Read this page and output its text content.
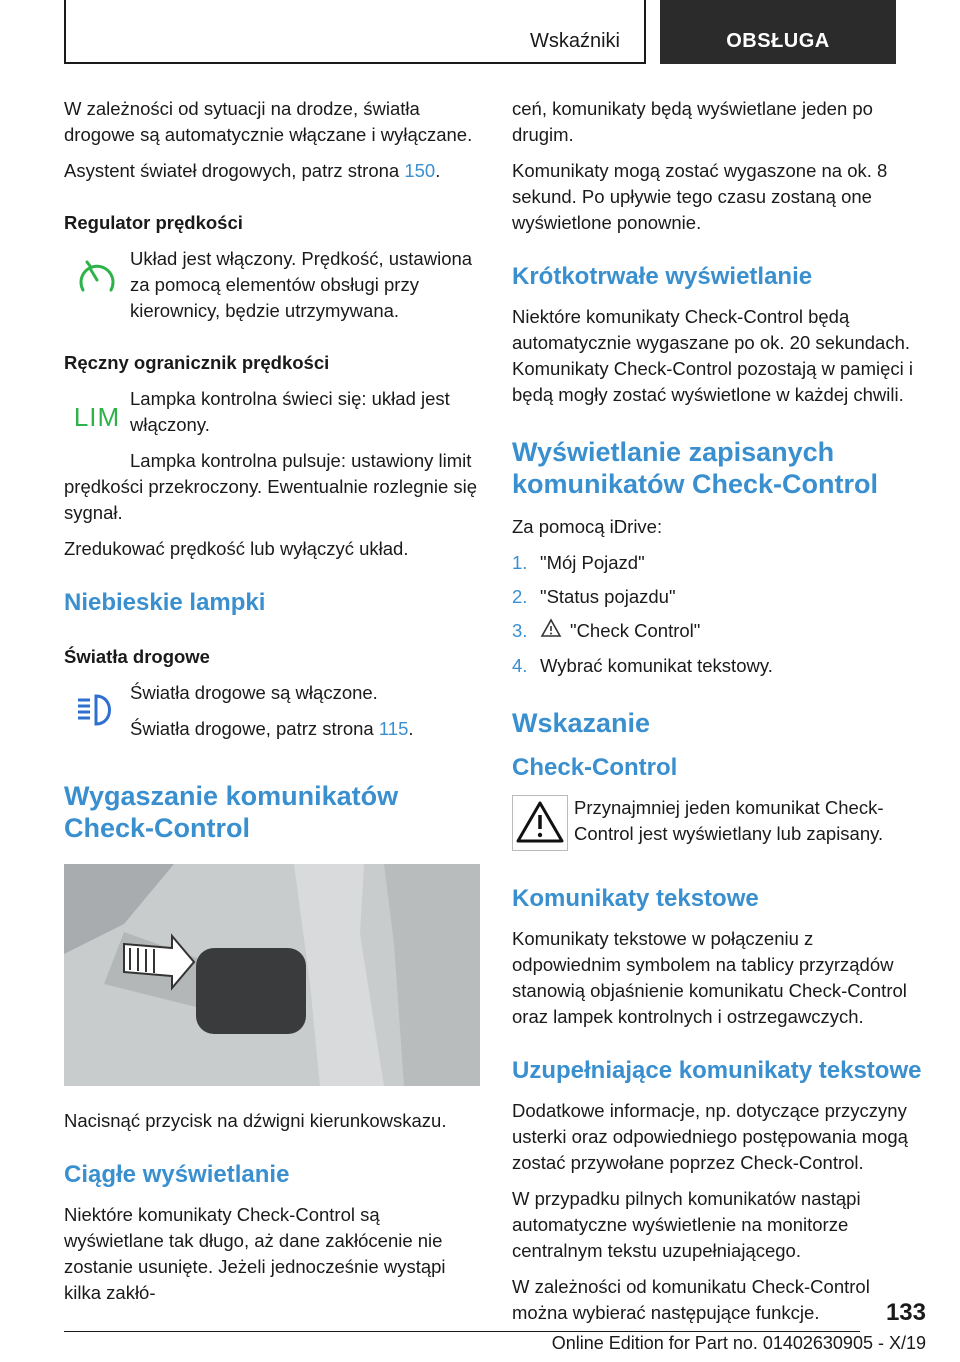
Wskaźniki	OBSŁUGA

W zależności od sytuacji na drodze, światła drogowe są automatycznie włączane i wyłączane.

Asystent świateł drogowych, patrz strona 150.

Regulator prędkości
Układ jest włączony. Prędkość, ustawiona za pomocą elementów obsługi przy kierownicy, będzie utrzymywana.
Ręczny ogranicznik prędkości
LIM

Lampka kontrolna świeci się: układ jest włączony.

Lampka kontrolna pulsuje: ustawiony limit prędkości przekroczony. Ewentualnie rozlegnie się sygnał.

Zredukować prędkość lub wyłączyć układ.

Niebieskie lampki
Światła drogowe

Światła drogowe są włączone.

Światła drogowe, patrz strona 115.

Wygaszanie komunikatów Check-Control

Nacisnąć przycisk na dźwigni kierunkowskazu.

Ciągłe wyświetlanie

Niektóre komunikaty Check-Control są wyświetlane tak długo, aż dane zakłócenie nie zostanie usunięte. Jeżeli jednocześnie wystąpi kilka zakłó-

ceń, komunikaty będą wyświetlane jeden po drugim.

Komunikaty mogą zostać wygaszone na ok. 8 sekund. Po upływie tego czasu zostaną one wyświetlone ponownie.

Krótkotrwałe wyświetlanie

Niektóre komunikaty Check-Control będą automatycznie wygaszane po ok. 20 sekundach. Komunikaty Check-Control pozostają w pamięci i będą mogły zostać wyświetlone w każdej chwili.

Wyświetlanie zapisanych komunikatów Check-Control

Za pomocą iDrive:

1. "Mój Pojazd"
2. "Status pojazdu"
3.	"Check Control"
4. Wybrać komunikat tekstowy.
Wskazanie
Check-Control
Przynajmniej jeden komunikat Check-Control jest wyświetlany lub zapisany.
Komunikaty tekstowe

Komunikaty tekstowe w połączeniu z odpowiednim symbolem na tablicy przyrządów stanowią objaśnienie komunikatu Check-Control oraz lampek kontrolnych i ostrzegawczych.

Uzupełniające komunikaty tekstowe

Dodatkowe informacje, np. dotyczące przyczyny usterki oraz odpowiedniego postępowania mogą zostać przywołane poprzez Check-Control.

W przypadku pilnych komunikatów nastąpi automatyczne wyświetlenie na monitorze centralnym tekstu uzupełniającego.

W zależności od komunikatu Check-Control można wybierać następujące funkcje.	133
Online Edition for Part no. 01402630905 - X/19
